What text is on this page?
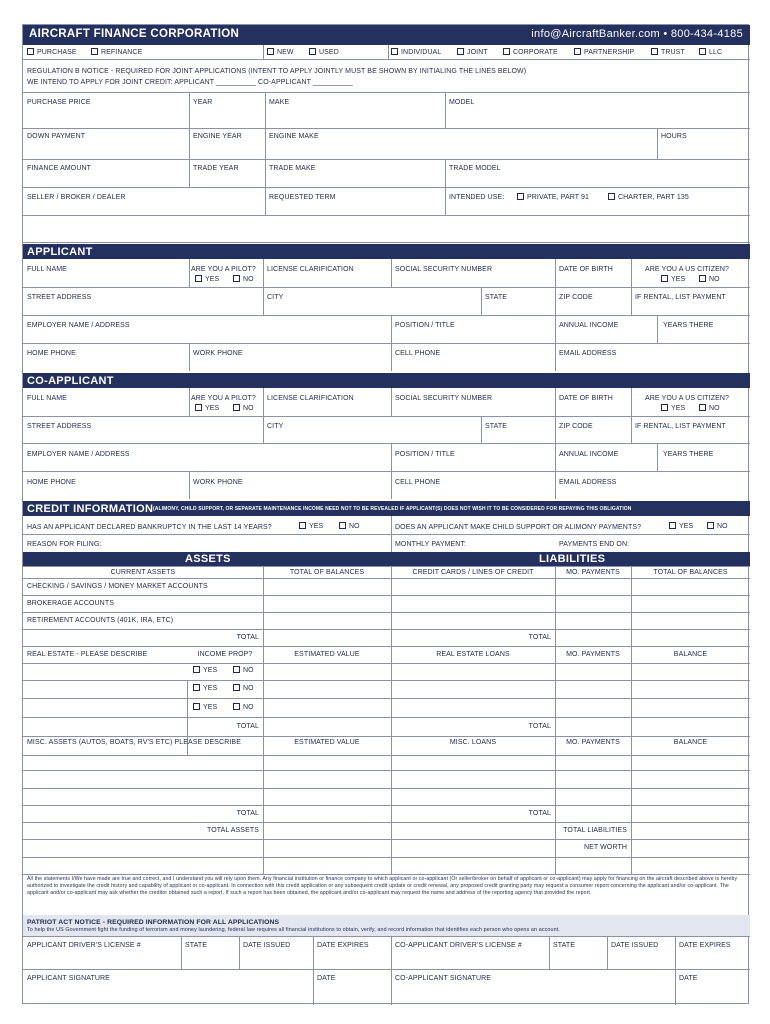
AIRCRAFT FINANCE CORPORATION	info@AircraftBanker.com • 800-434-4185
PURCHASE	REFINANCE	NEW	USED	INDIVIDUAL	JOINT	CORPORATE	PARTNERSHIP	TRUST	LLC
REGULATION B NOTICE - REQUIRED FOR JOINT APPLICATIONS (INTENT TO APPLY JOINTLY MUST BE SHOWN BY INITIALING THE LINES BELOW)
WE INTEND TO APPLY FOR JOINT CREDIT: APPLICANT __________ CO-APPLICANT __________
PURCHASE PRICE	YEAR	MAKE	MODEL
DOWN PAYMENT	ENGINE YEAR	ENGINE MAKE	HOURS
FINANCE AMOUNT	TRADE YEAR	TRADE MAKE	TRADE MODEL
SELLER / BROKER / DEALER	REQUESTED TERM	INTENDED USE:	PRIVATE, PART 91	CHARTER, PART 135
APPLICANT
FULL NAME	ARE YOU A PILOT?
YES	NO
LICENSE CLARIFICATION	SOCIAL SECURITY NUMBER	DATE OF BIRTH	ARE YOU A US CITIZEN?
YES	NO
STREET ADDRESS	CITY	STATE	ZIP CODE	IF RENTAL, LIST PAYMENT
EMPLOYER NAME / ADDRESS	POSITION / TITLE	ANNUAL INCOME	YEARS THERE
HOME PHONE	WORK PHONE	CELL PHONE	EMAIL ADDRESS
CO-APPLICANT
FULL NAME	ARE YOU A PILOT?
YES	NO
LICENSE CLARIFICATION	SOCIAL SECURITY NUMBER	DATE OF BIRTH	ARE YOU A US CITIZEN?
YES	NO
STREET ADDRESS	CITY	STATE	ZIP CODE	IF RENTAL, LIST PAYMENT
EMPLOYER NAME / ADDRESS	POSITION / TITLE	ANNUAL INCOME	YEARS THERE
HOME PHONE	WORK PHONE	CELL PHONE	EMAIL ADDRESS
CREDIT INFORMATION (ALIMONY, CHILD SUPPORT, OR SEPARATE MAINTENANCE INCOME NEED NOT TO BE REVEALED IF APPLICANT(S) DOES NOT WISH IT TO BE CONSIDERED FOR REPAYING THIS OBLIGATION
HAS AN APPLICANT DECLARED BANKRUPTCY IN THE LAST 14 YEARS?	YES	NO	DOES AN APPLICANT MAKE CHILD SUPPORT OR ALIMONY PAYMENTS?	YES	NO
REASON FOR FILING:	MONTHLY PAYMENT:	PAYMENTS END ON:
ASSETS	LIABILITIES
CURRENT ASSETS	TOTAL OF BALANCES	CREDIT CARDS / LINES OF CREDIT	MO. PAYMENTS	TOTAL OF BALANCES
CHECKING / SAVINGS / MONEY MARKET ACCOUNTS
BROKERAGE ACCOUNTS
RETIREMENT ACCOUNTS (401K, IRA, ETC)
TOTAL	TOTAL
REAL ESTATE - PLEASE DESCRIBE	INCOME PROP?	ESTIMATED VALUE	REAL ESTATE LOANS	MO. PAYMENTS	BALANCE
YES	NO
YES	NO
YES	NO
TOTAL	TOTAL
MISC. ASSETS (AUTOS, BOATS, RV'S ETC) PLEASE DESCRIBE	ESTIMATED VALUE	MISC. LOANS	MO. PAYMENTS	BALANCE
TOTAL	TOTAL
TOTAL ASSETS	TOTAL LIABILITIES
NET WORTH
All the statements I/We have made are true and correct, and I understand you will rely upon them. Any financial institution or finance company to which applicant or co-applicant (Or seller/broker on behalf of applicant or co-applicant) may apply for financing on the aircraft described above is hereby authorized to investigate the credit history and capability of applicant or co-applicant. In connection with this credit application or any subsequent credit update or credit renewal, any proposed credit granting party may request a consumer report concerning the applicant and/or co-applicant. The applicant and/or co-applicant may ask whether the creditor obtained such a report. If such a report has been obtained, the applicant and/or co-applicant may request the name and address of the reporting agency that provided the report.
PATRIOT ACT NOTICE - REQUIRED INFORMATION FOR ALL APPLICATIONS
To help the US Government fight the funding of terrorism and money laundering, federal law requires all financial institutions to obtain, verify, and record information that identifies each person who opens an account.
APPLICANT DRIVER'S LICENSE #	STATE	DATE ISSUED	DATE EXPIRES	CO-APPLICANT DRIVER'S LICENSE #	STATE	DATE ISSUED	DATE EXPIRES
APPLICANT SIGNATURE	DATE	CO-APPLICANT SIGNATURE	DATE
